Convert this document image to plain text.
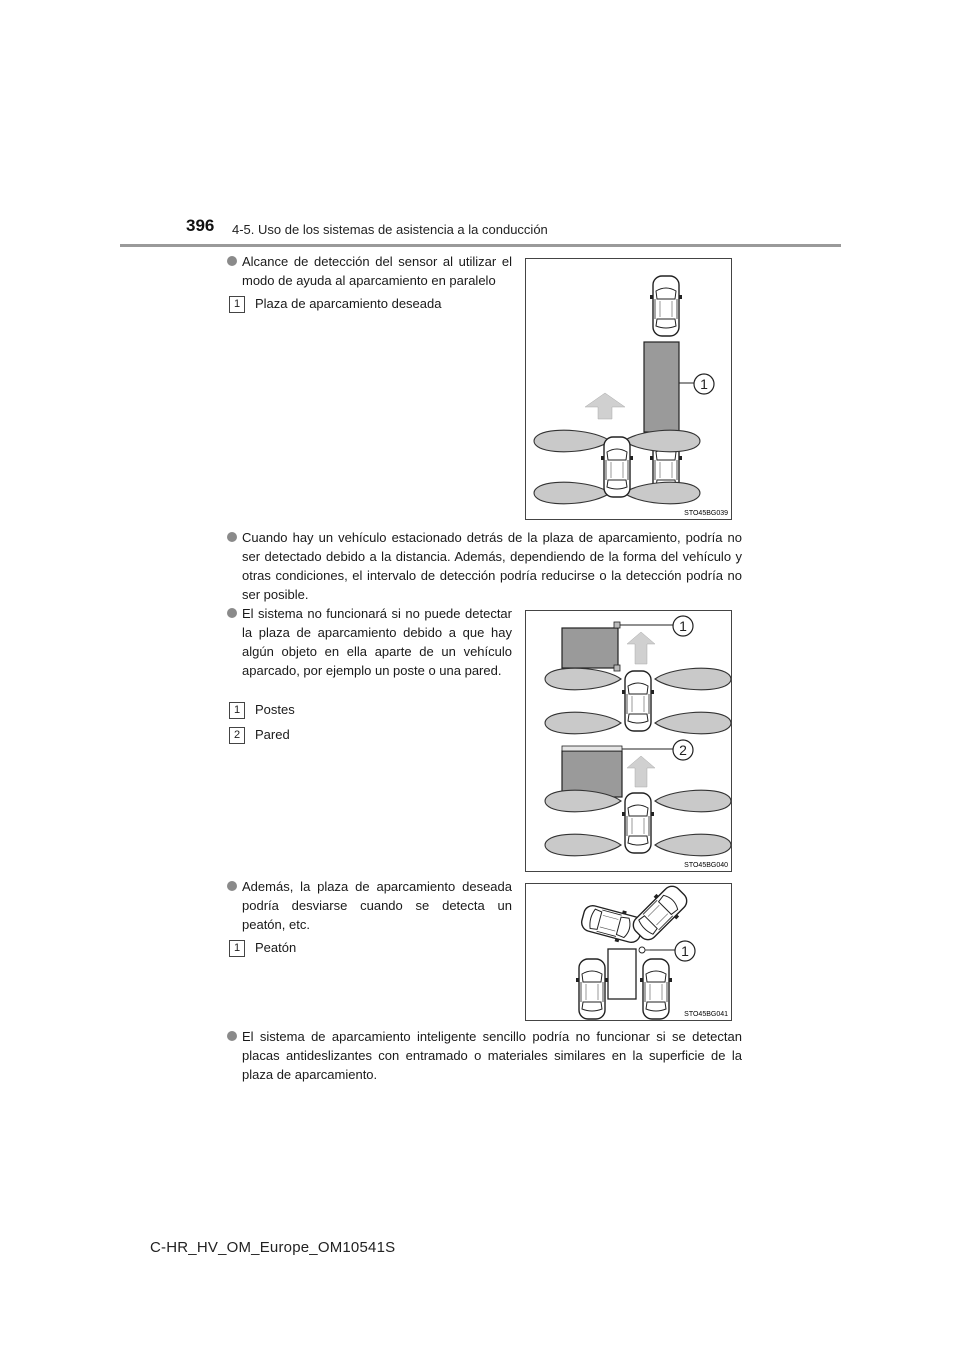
396 4-5. Uso de los sistemas de asistencia a la conducción
Alcance de detección del sensor al utilizar el modo de ayuda al aparcamiento en paralelo
1	Plaza de aparcamiento deseada
1
STO45BG039
Cuando hay un vehículo estacionado detrás de la plaza de aparcamiento, podría no ser detectado debido a la distancia. Además, dependiendo de la forma del vehículo y otras condiciones, el intervalo de detección podría reducirse o la detección podría no ser posible.
El sistema no funcionará si no puede detectar la plaza de aparcamiento debido a que hay algún objeto en ella aparte de un vehículo aparcado, por ejemplo un poste o una pared.
1	Postes
2	Pared
1
2
STO45BG040
Además, la plaza de aparcamiento deseada podría desviarse cuando se detecta un peatón, etc.
1	Peatón	1
STO45BG041
El sistema de aparcamiento inteligente sencillo podría no funcionar si se detectan placas antideslizantes con entramado o materiales similares en la superficie de la plaza de aparcamiento.
C-HR_HV_OM_Europe_OM10541S
